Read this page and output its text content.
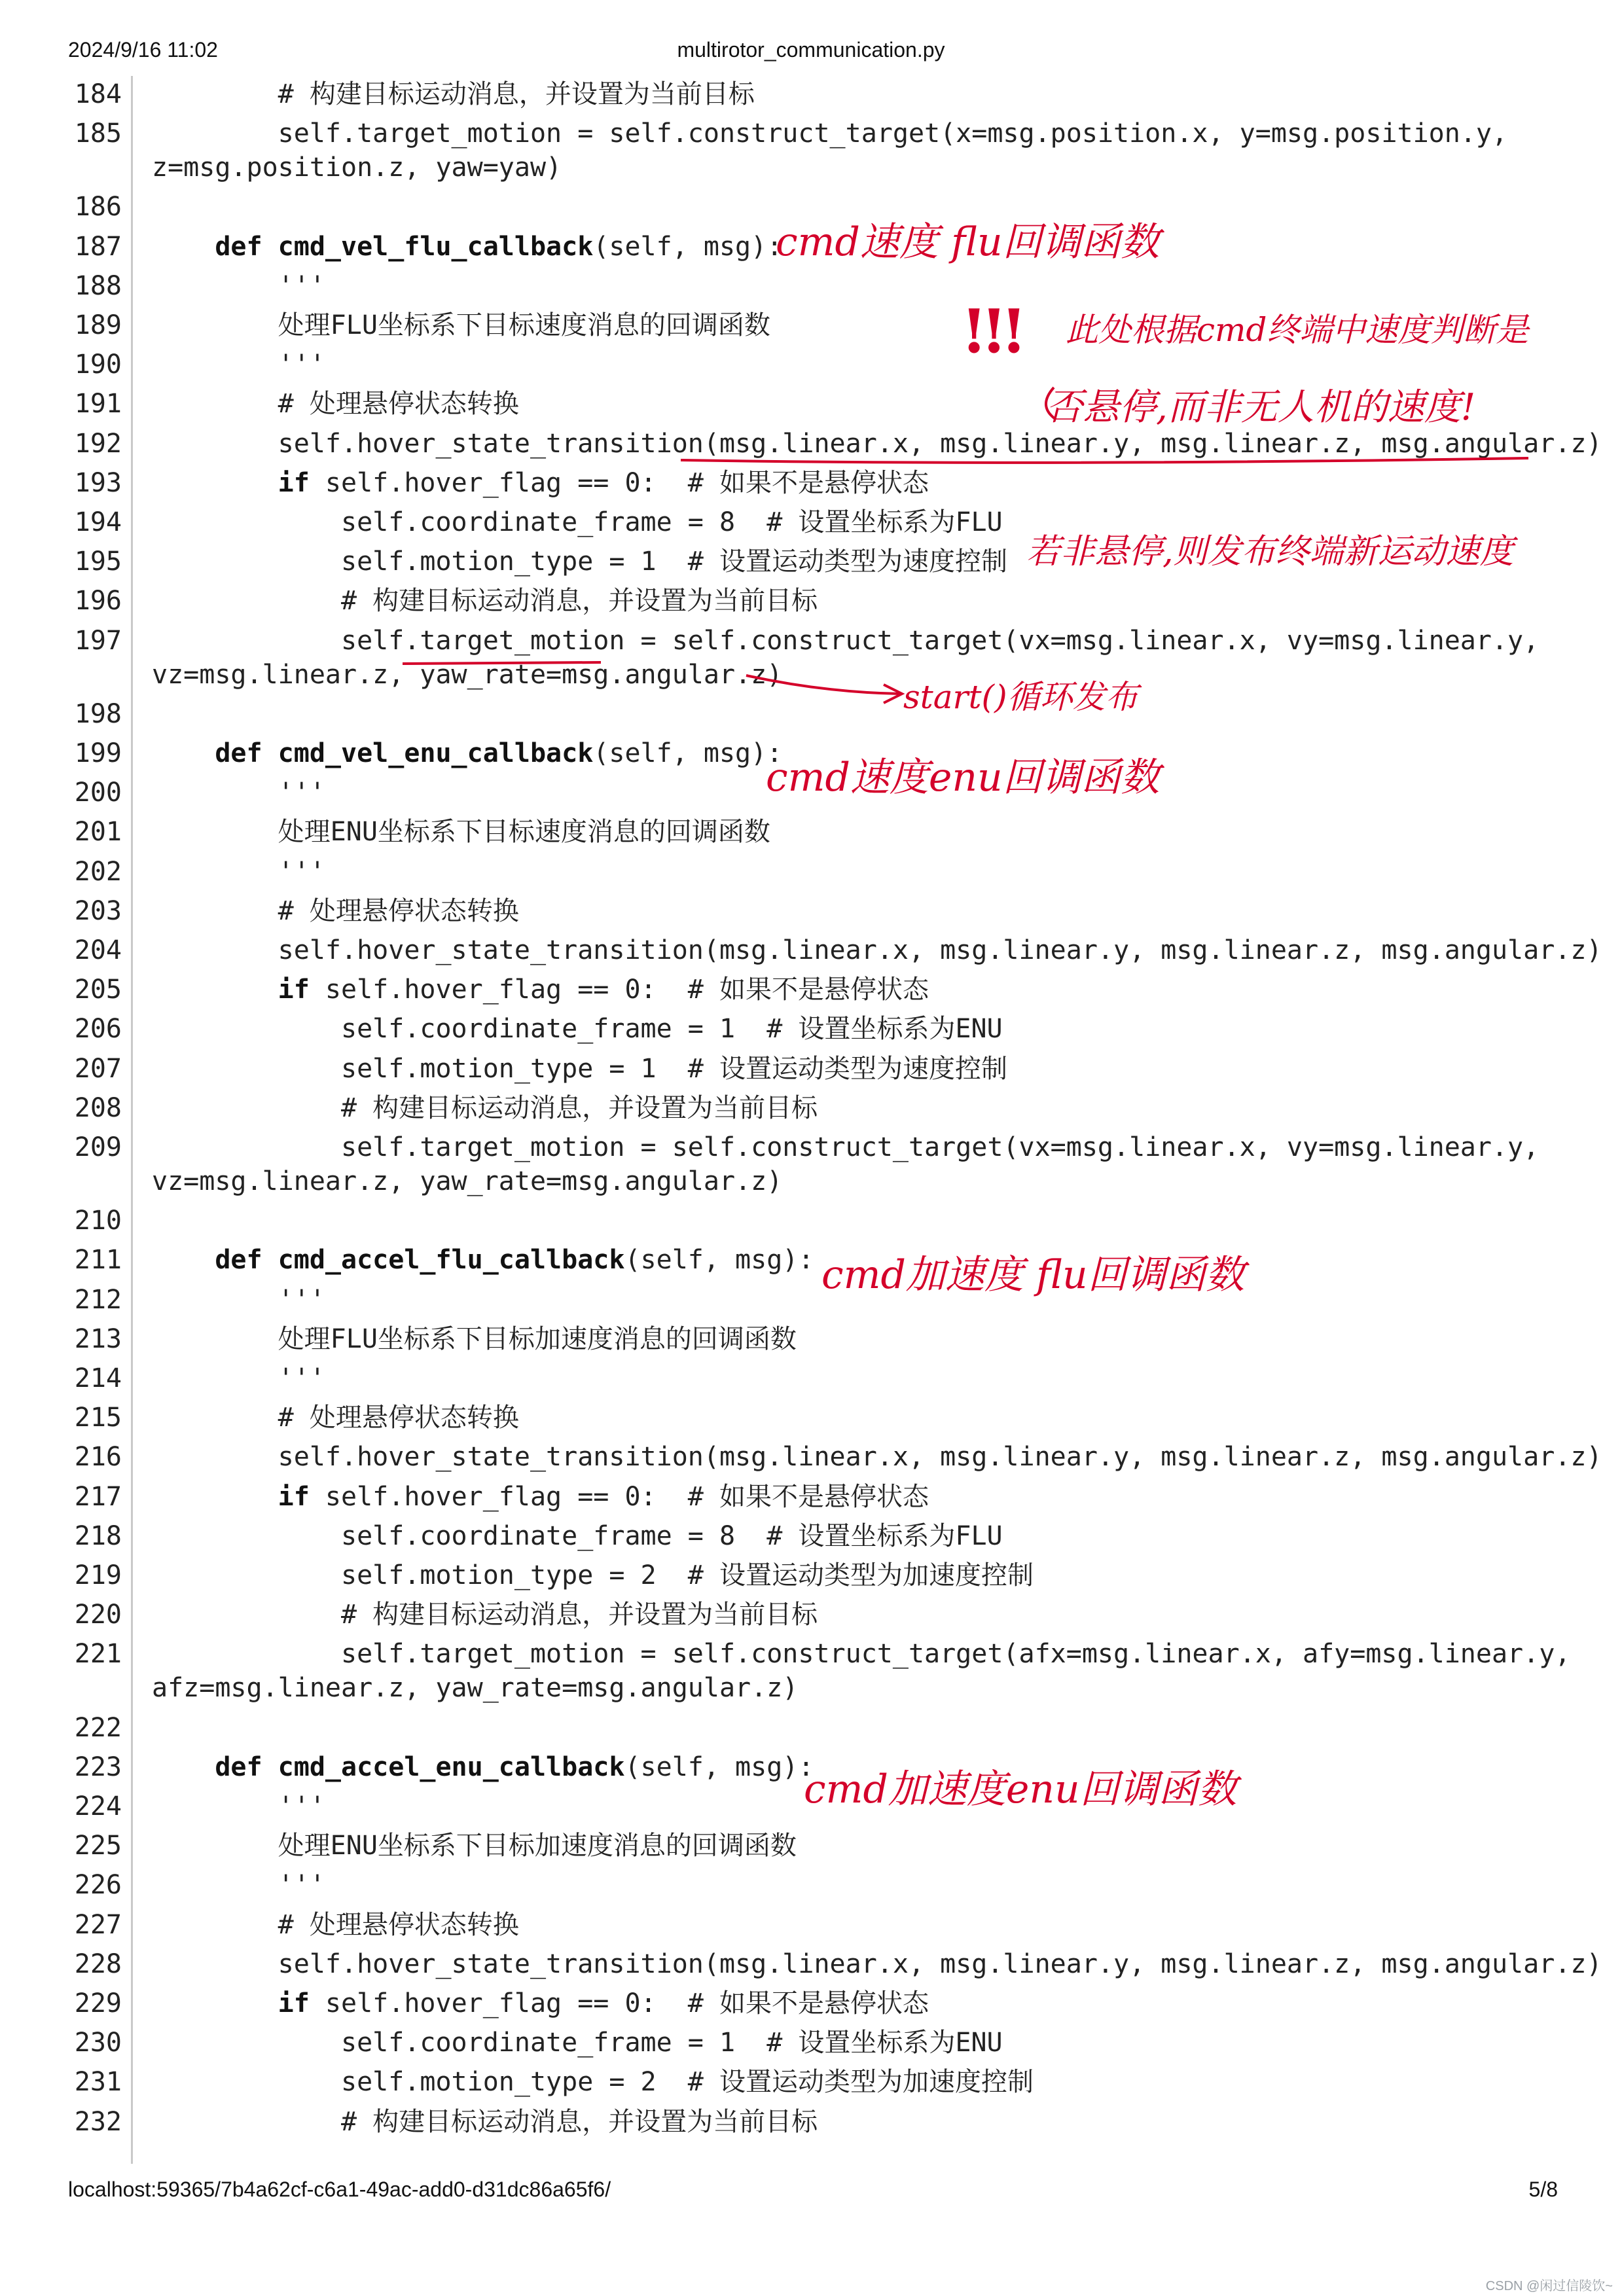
2024/9/16 11:02	multirotor_communication.py
184 # 构建目标运动消息，并设置为当前目标
185 self.target_motion = self.construct_target(x=msg.position.x, y=msg.position.y,
z=msg.position.z, yaw=yaw)
186
187	def cmd_vel_flu_callback(self, msg):
188 '''
189 处理FLU坐标系下目标速度消息的回调函数
190 '''
191 # 处理悬停状态转换
192 self.hover_state_transition(msg.linear.x, msg.linear.y, msg.linear.z, msg.angular.z)
193	if self.hover_flag == 0:  # 如果不是悬停状态
194 self.coordinate_frame = 8  # 设置坐标系为FLU
195 self.motion_type = 1  # 设置运动类型为速度控制
196 # 构建目标运动消息，并设置为当前目标
197 self.target_motion = self.construct_target(vx=msg.linear.x, vy=msg.linear.y,
vz=msg.linear.z, yaw_rate=msg.angular.z)
198
199	def cmd_vel_enu_callback(self, msg):
200 '''
201 处理ENU坐标系下目标速度消息的回调函数
202 '''
203 # 处理悬停状态转换
204 self.hover_state_transition(msg.linear.x, msg.linear.y, msg.linear.z, msg.angular.z)
205	if self.hover_flag == 0:  # 如果不是悬停状态
206 self.coordinate_frame = 1  # 设置坐标系为ENU
207 self.motion_type = 1  # 设置运动类型为速度控制
208 # 构建目标运动消息，并设置为当前目标
209 self.target_motion = self.construct_target(vx=msg.linear.x, vy=msg.linear.y,
vz=msg.linear.z, yaw_rate=msg.angular.z)
210
211	def cmd_accel_flu_callback(self, msg):
212 '''
213 处理FLU坐标系下目标加速度消息的回调函数
214 '''
215 # 处理悬停状态转换
216 self.hover_state_transition(msg.linear.x, msg.linear.y, msg.linear.z, msg.angular.z)
217	if self.hover_flag == 0:  # 如果不是悬停状态
218 self.coordinate_frame = 8  # 设置坐标系为FLU
219 self.motion_type = 2  # 设置运动类型为加速度控制
220 # 构建目标运动消息，并设置为当前目标
221 self.target_motion = self.construct_target(afx=msg.linear.x, afy=msg.linear.y,
afz=msg.linear.z, yaw_rate=msg.angular.z)
222
223	def cmd_accel_enu_callback(self, msg):
224 '''
225 处理ENU坐标系下目标加速度消息的回调函数
226 '''
227 # 处理悬停状态转换
228 self.hover_state_transition(msg.linear.x, msg.linear.y, msg.linear.z, msg.angular.z)
229	if self.hover_flag == 0:  # 如果不是悬停状态
230 self.coordinate_frame = 1  # 设置坐标系为ENU
231 self.motion_type = 2  # 设置运动类型为加速度控制
232 # 构建目标运动消息，并设置为当前目标
cmd速度 flu回调函数
!!! 此处根据cmd终端中速度判断是
否悬停,而非无人机的速度!
若非悬停,则发布终端新运动速度
start()循环发布
cmd速度enu回调函数
cmd加速度 flu回调函数
cmd加速度enu回调函数
localhost:59365/7b4a62cf-c6a1-49ac-add0-d31dc86a65f6/	5/8
CSDN @闲过信陵饮~
